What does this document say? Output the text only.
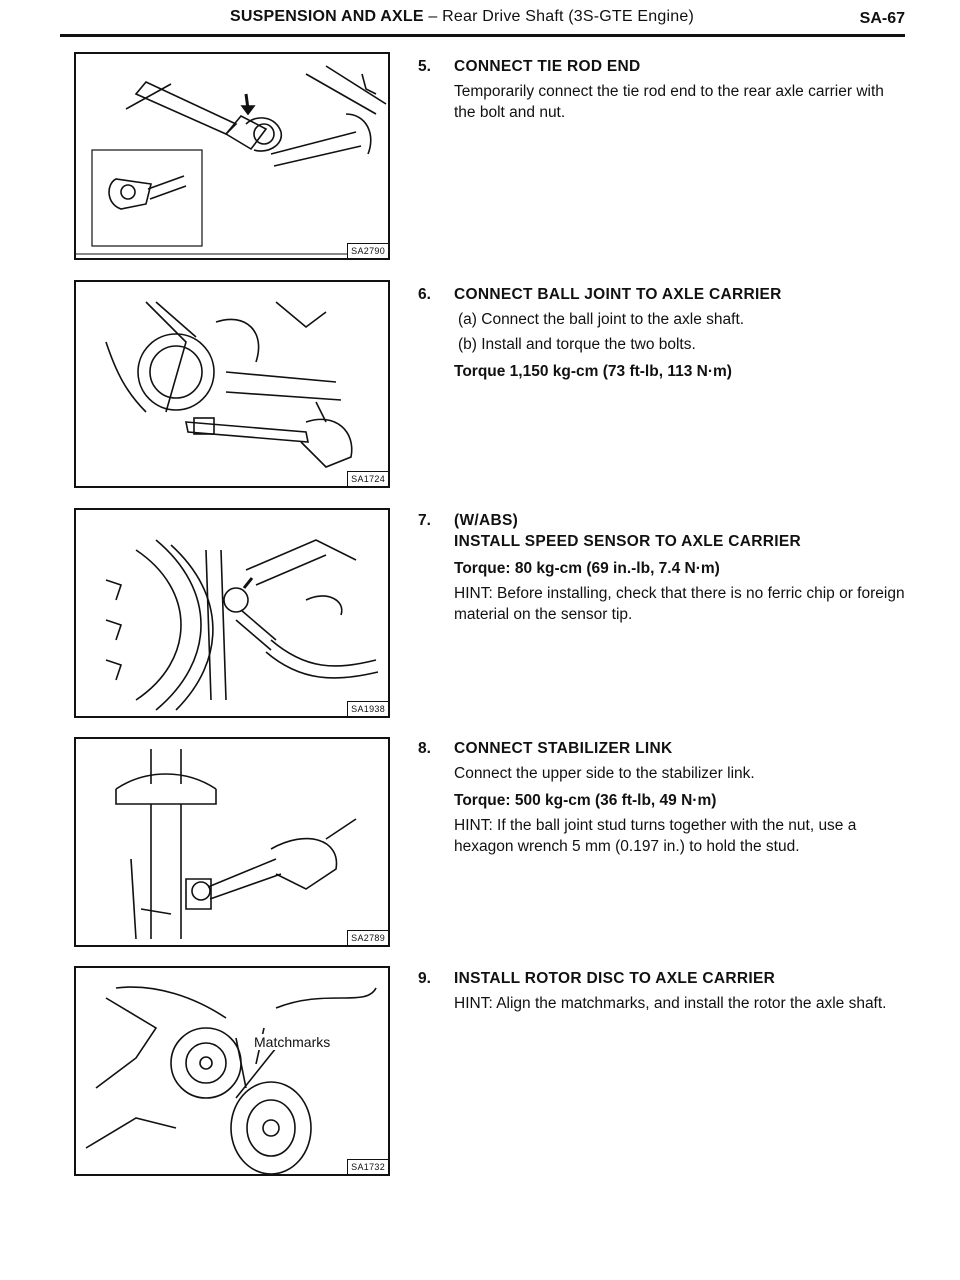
SUSPENSION AND AXLE – Rear Drive Shaft (3S-GTE Engine)	SA-67
SA2790
SA1724
SA1938
SA2789
Matchmarks
SA1732
5. CONNECT TIE ROD END

Temporarily connect the tie rod end to the rear axle carrier with the bolt and nut.

6. CONNECT BALL JOINT TO AXLE CARRIER

(a) Connect the ball joint to the axle shaft.

(b) Install and torque the two bolts.

Torque 1,150 kg-cm (73 ft-lb, 113 N·m)

7. (W/ABS)
INSTALL SPEED SENSOR TO AXLE CARRIER

Torque: 80 kg-cm (69 in.-lb, 7.4 N·m)

HINT: Before installing, check that there is no ferric chip or foreign material on the sensor tip.

8. CONNECT STABILIZER LINK

Connect the upper side to the stabilizer link.

Torque: 500 kg-cm (36 ft-lb, 49 N·m)

HINT: If the ball joint stud turns together with the nut, use a hexagon wrench 5 mm (0.197 in.) to hold the stud.

9. INSTALL ROTOR DISC TO AXLE CARRIER

HINT: Align the matchmarks, and install the rotor the axle shaft.
